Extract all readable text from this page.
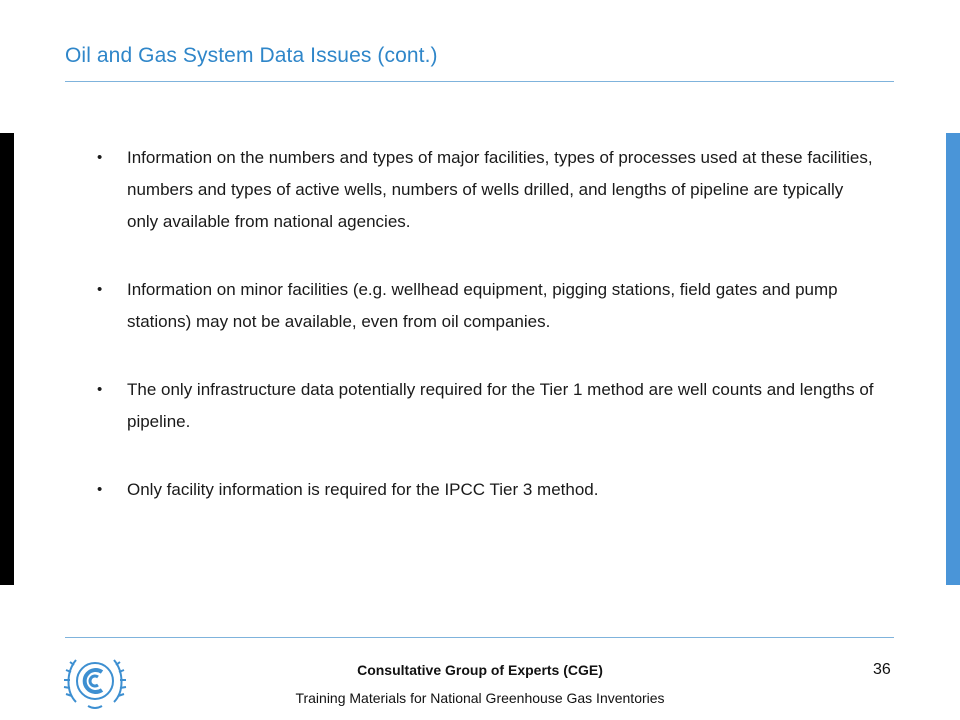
Oil and Gas System Data Issues (cont.)
• Information on the numbers and types of major facilities, types of processes used at these facilities, numbers and types of active wells, numbers of wells drilled, and lengths of pipeline are typically only available from national agencies.
• Information on minor facilities (e.g. wellhead equipment, pigging stations, field gates and pump stations) may not be available, even from oil companies.
• The only infrastructure data potentially required for the Tier 1 method are well counts and lengths of pipeline.
• Only facility information is required for the IPCC Tier 3 method.
Consultative Group of Experts (CGE)
Training Materials for National Greenhouse Gas Inventories
36
